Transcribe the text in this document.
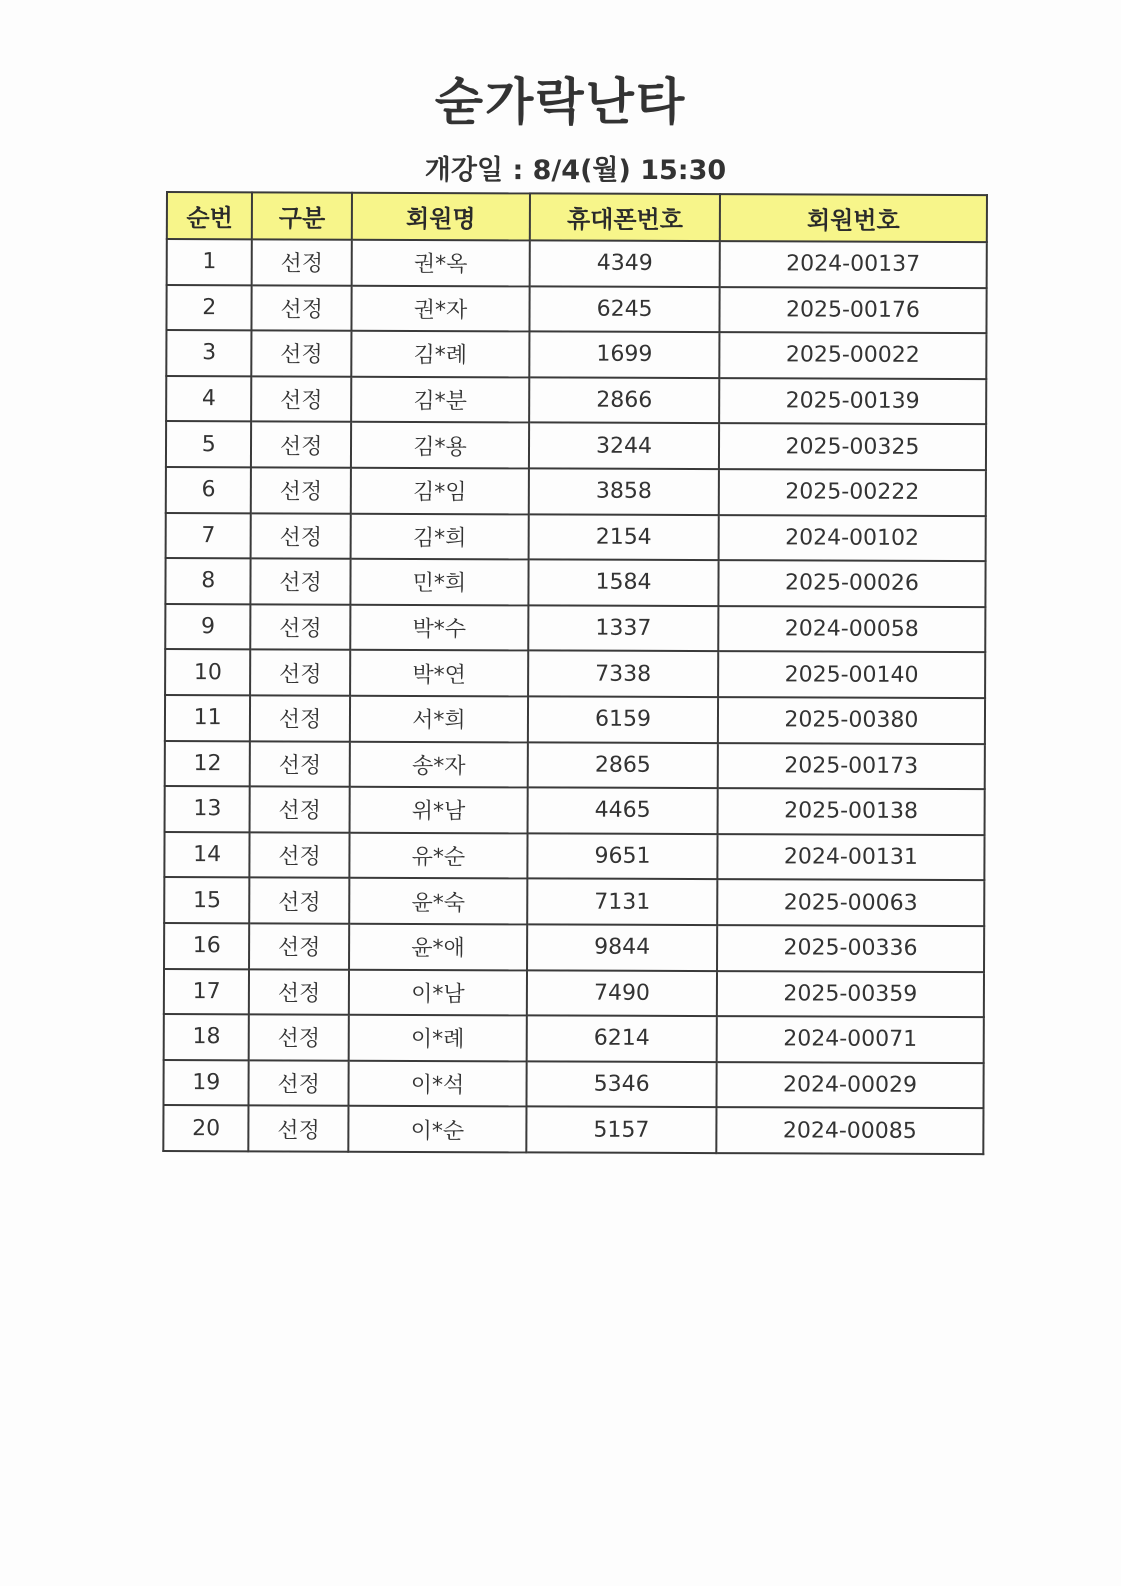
숟가락난타
개강일 : 8/4(월) 15:30
순번	구분	회원명	휴대폰번호	회원번호
1	선정	권*옥	4349	2024-00137
2	선정	권*자	6245	2025-00176
3	선정	김*례	1699	2025-00022
4	선정	김*분	2866	2025-00139
5	선정	김*용	3244	2025-00325
6	선정	김*임	3858	2025-00222
7	선정	김*희	2154	2024-00102
8	선정	민*희	1584	2025-00026
9	선정	박*수	1337	2024-00058
10	선정	박*연	7338	2025-00140
11	선정	서*희	6159	2025-00380
12	선정	송*자	2865	2025-00173
13	선정	위*남	4465	2025-00138
14	선정	유*순	9651	2024-00131
15	선정	윤*숙	7131	2025-00063
16	선정	윤*애	9844	2025-00336
17	선정	이*남	7490	2025-00359
18	선정	이*례	6214	2024-00071
19	선정	이*석	5346	2024-00029
20	선정	이*순	5157	2024-00085
